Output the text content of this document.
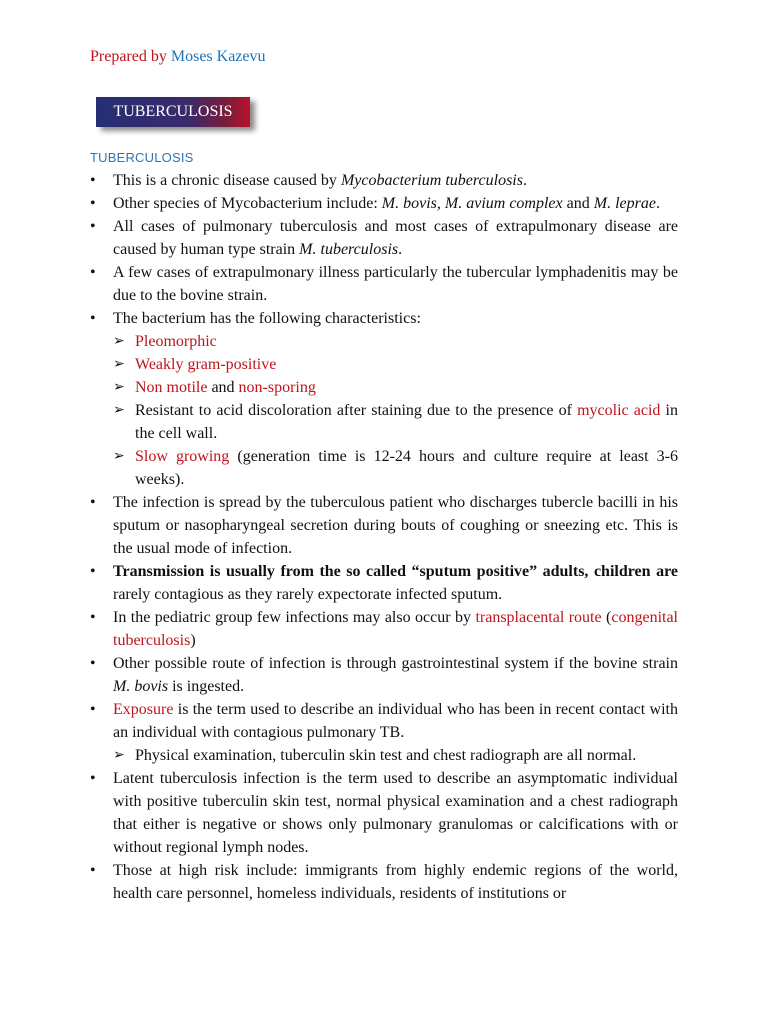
Prepared by Moses Kazevu
TUBERCULOSIS
TUBERCULOSIS
• This is a chronic disease caused by Mycobacterium tuberculosis.
• Other species of Mycobacterium include: M. bovis, M. avium complex and M. leprae.
• All cases of pulmonary tuberculosis and most cases of extrapulmonary disease are caused by human type strain M. tuberculosis.
• A few cases of extrapulmonary illness particularly the tubercular lymphadenitis may be due to the bovine strain.
• The bacterium has the following characteristics:
➢ Pleomorphic
➢ Weakly gram-positive
➢ Non motile and non-sporing
➢ Resistant to acid discoloration after staining due to the presence of mycolic acid in the cell wall.
➢ Slow growing (generation time is 12-24 hours and culture require at least 3-6 weeks).
• The infection is spread by the tuberculous patient who discharges tubercle bacilli in his sputum or nasopharyngeal secretion during bouts of coughing or sneezing etc. This is the usual mode of infection.
• Transmission is usually from the so called “sputum positive” adults, children are rarely contagious as they rarely expectorate infected sputum.
• In the pediatric group few infections may also occur by transplacental route (congenital tuberculosis)
• Other possible route of infection is through gastrointestinal system if the bovine strain M. bovis is ingested.
• Exposure is the term used to describe an individual who has been in recent contact with an individual with contagious pulmonary TB.
➢ Physical examination, tuberculin skin test and chest radiograph are all normal.
• Latent tuberculosis infection is the term used to describe an asymptomatic individual with positive tuberculin skin test, normal physical examination and a chest radiograph that either is negative or shows only pulmonary granulomas or calcifications with or without regional lymph nodes.
• Those at high risk include: immigrants from highly endemic regions of the world, health care personnel, homeless individuals, residents of institutions or
